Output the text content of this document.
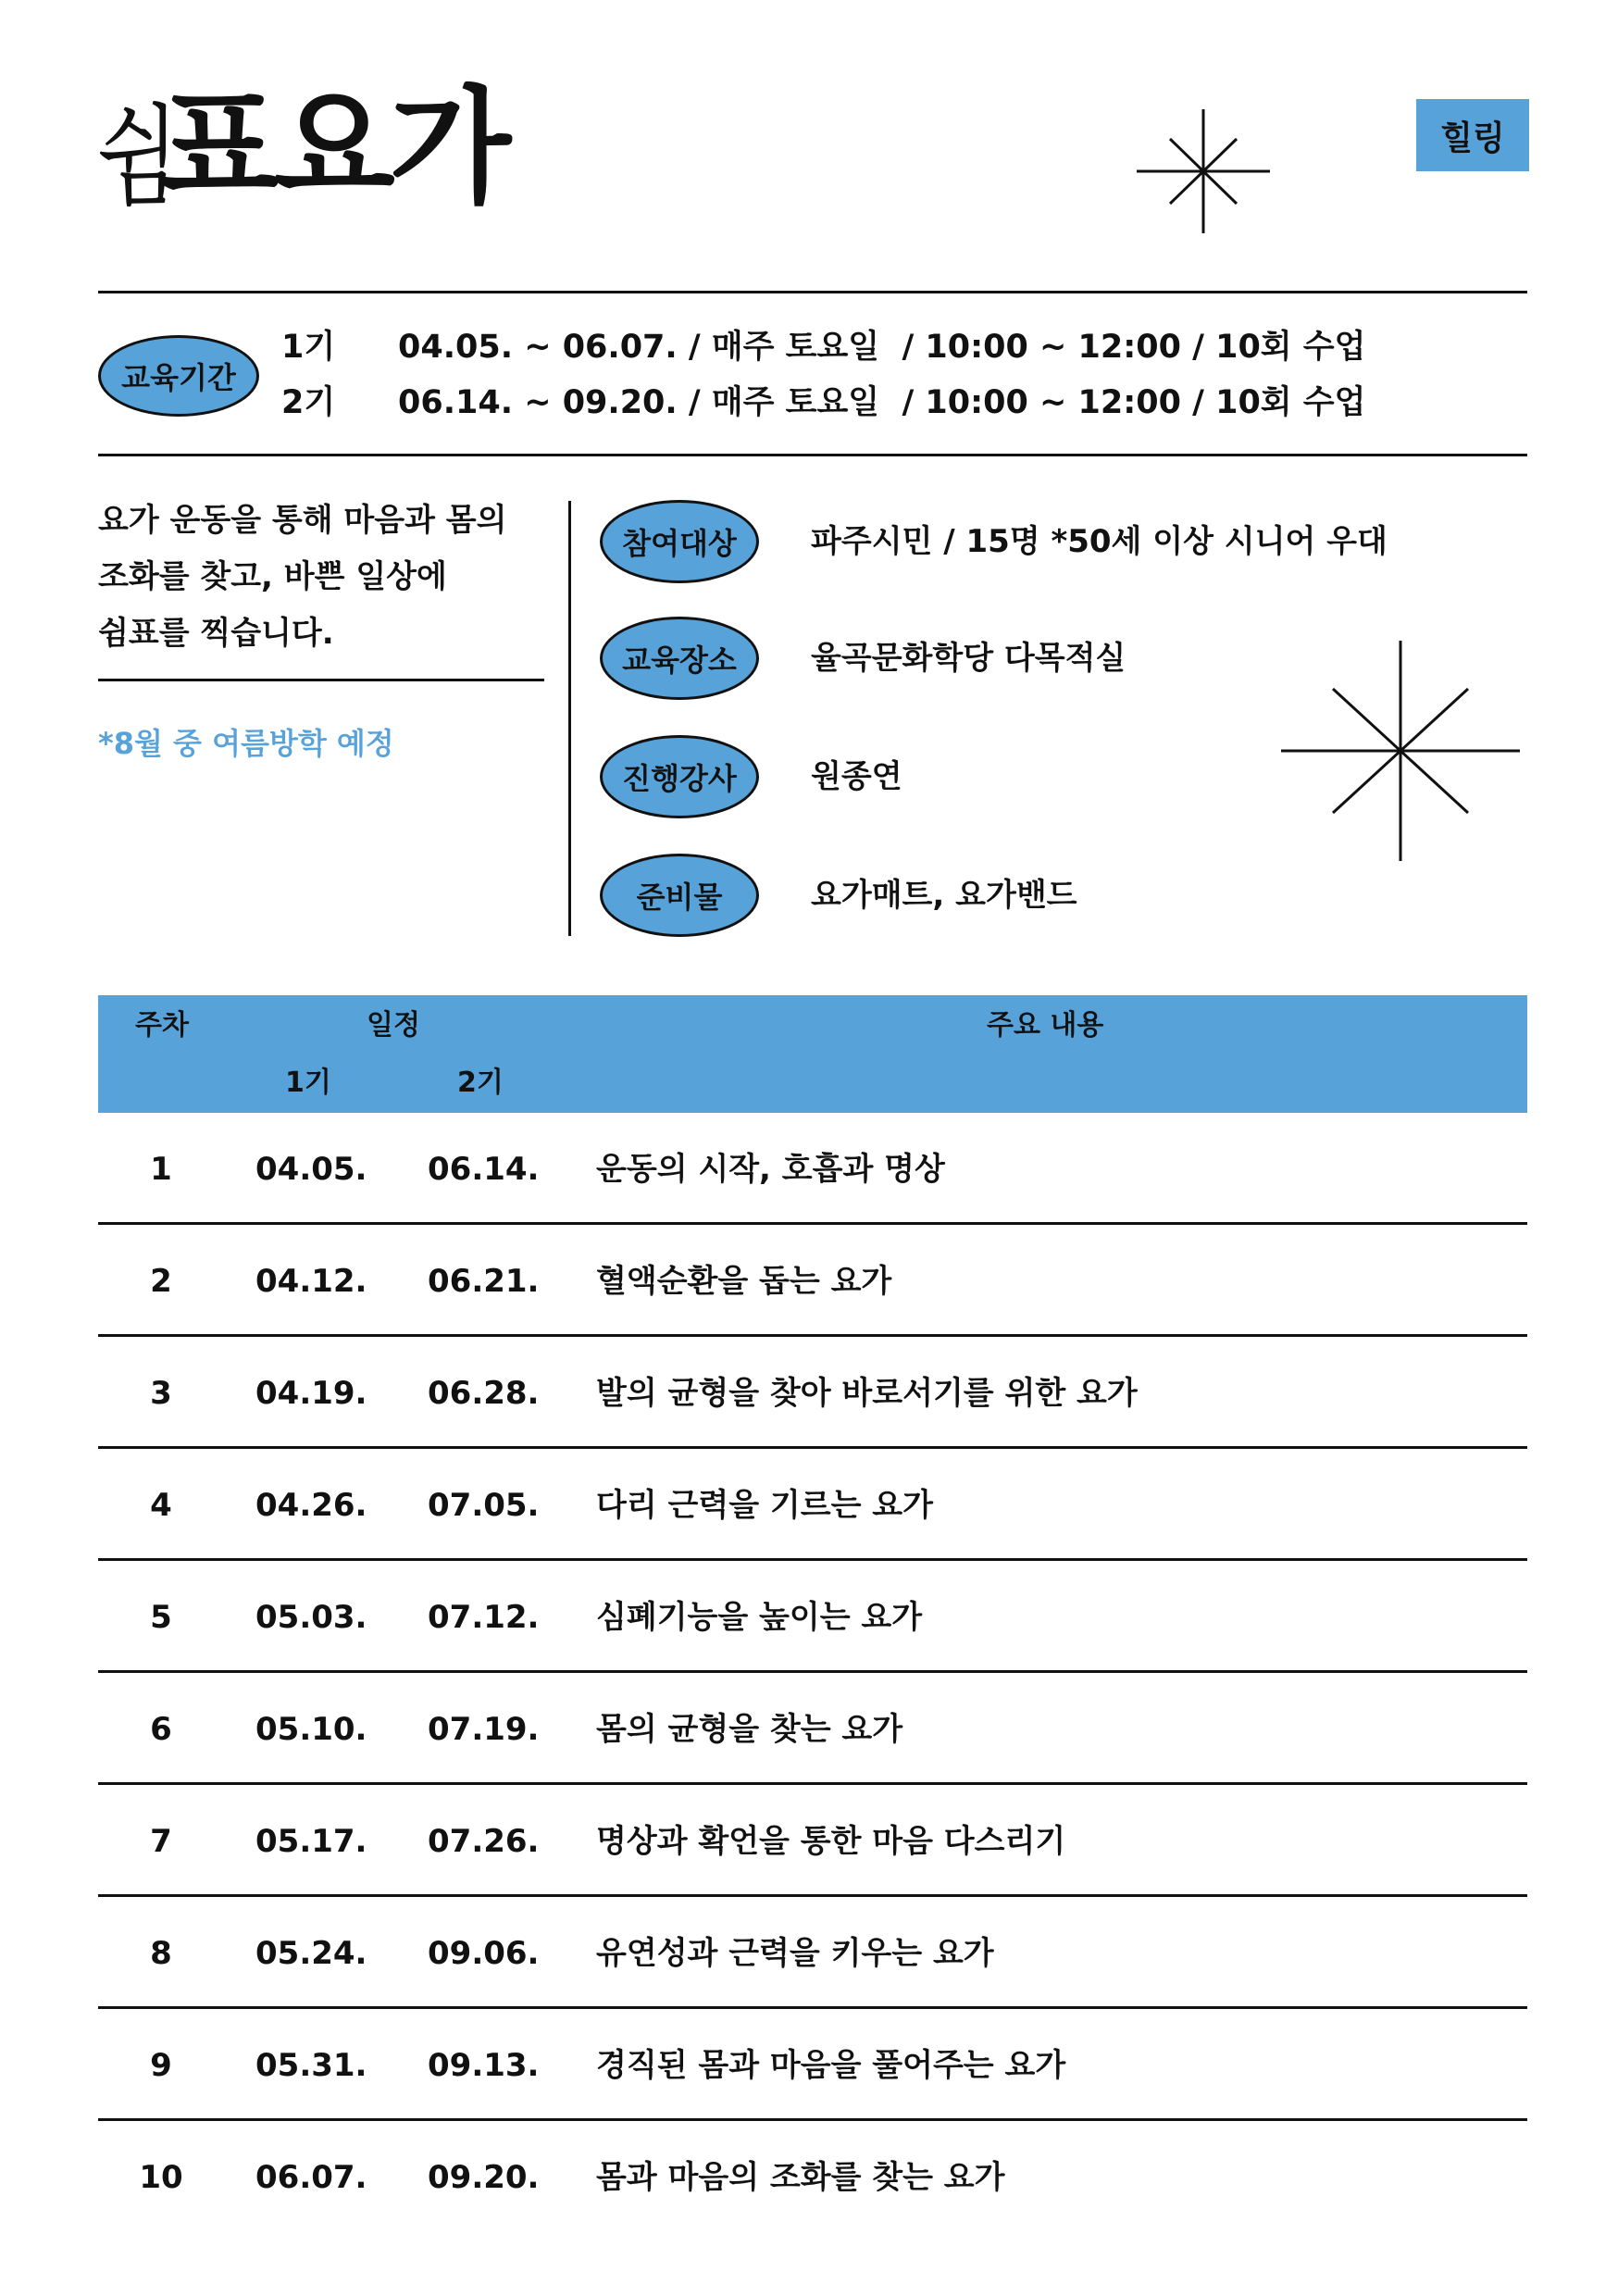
쉼
표요가	힐링
교육기간
1기	04.05. ~ 06.07. / 매주 토요일  / 10:00 ~ 12:00 / 10회 수업
2기	06.14. ~ 09.20. / 매주 토요일  / 10:00 ~ 12:00 / 10회 수업
요가 운동을 통해 마음과 몸의
조화를 찾고, 바쁜 일상에
쉼표를 찍습니다.
*8월 중 여름방학 예정
참여대상	파주시민 / 15명 *50세 이상 시니어 우대
교육장소	율곡문화학당 다목적실
진행강사	원종연
준비물	요가매트, 요가밴드
주차	일정
1기	2기
주요 내용
1	04.05. 06.14. 운동의 시작, 호흡과 명상
2	04.12. 06.21. 혈액순환을 돕는 요가
3	04.19. 06.28. 발의 균형을 찾아 바로서기를 위한 요가
4	04.26. 07.05. 다리 근력을 기르는 요가
5	05.03. 07.12. 심폐기능을 높이는 요가
6	05.10. 07.19. 몸의 균형을 찾는 요가
7	05.17. 07.26. 명상과 확언을 통한 마음 다스리기
8	05.24. 09.06. 유연성과 근력을 키우는 요가
9	05.31. 09.13. 경직된 몸과 마음을 풀어주는 요가
10	06.07. 09.20. 몸과 마음의 조화를 찾는 요가
